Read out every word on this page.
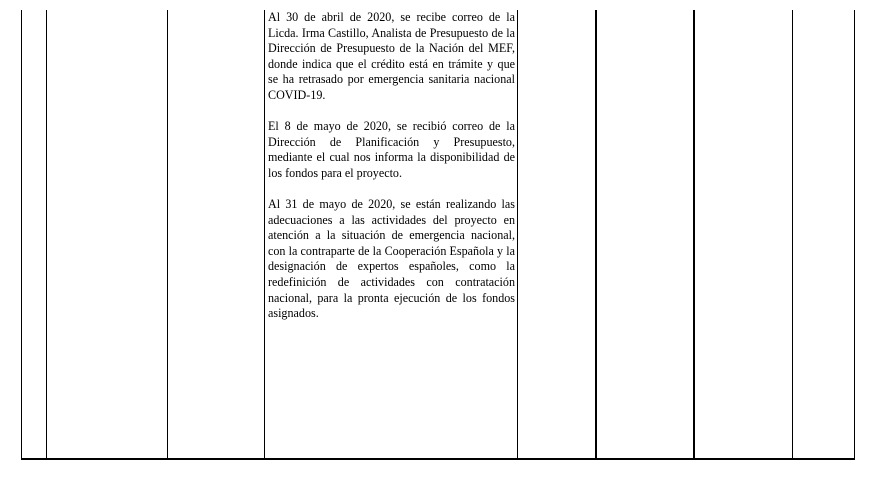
Al 30 de abril de 2020, se recibe correo de la Licda. Irma Castillo, Analista de Presupuesto de la Dirección de Presupuesto de la Nación del MEF, donde indica que el crédito está en trámite y que se ha retrasado por emergencia sanitaria nacional COVID-19.

El 8 de mayo de 2020, se recibió correo de la Dirección de Planificación y Presupuesto, mediante el cual nos informa la disponibilidad de los fondos para el proyecto.

Al 31 de mayo de 2020, se están realizando las adecuaciones a las actividades del proyecto en atención a la situación de emergencia nacional, con la contraparte de la Cooperación Española y la designación de expertos españoles, como la redefinición de actividades con contratación nacional, para la pronta ejecución de los fondos asignados.
